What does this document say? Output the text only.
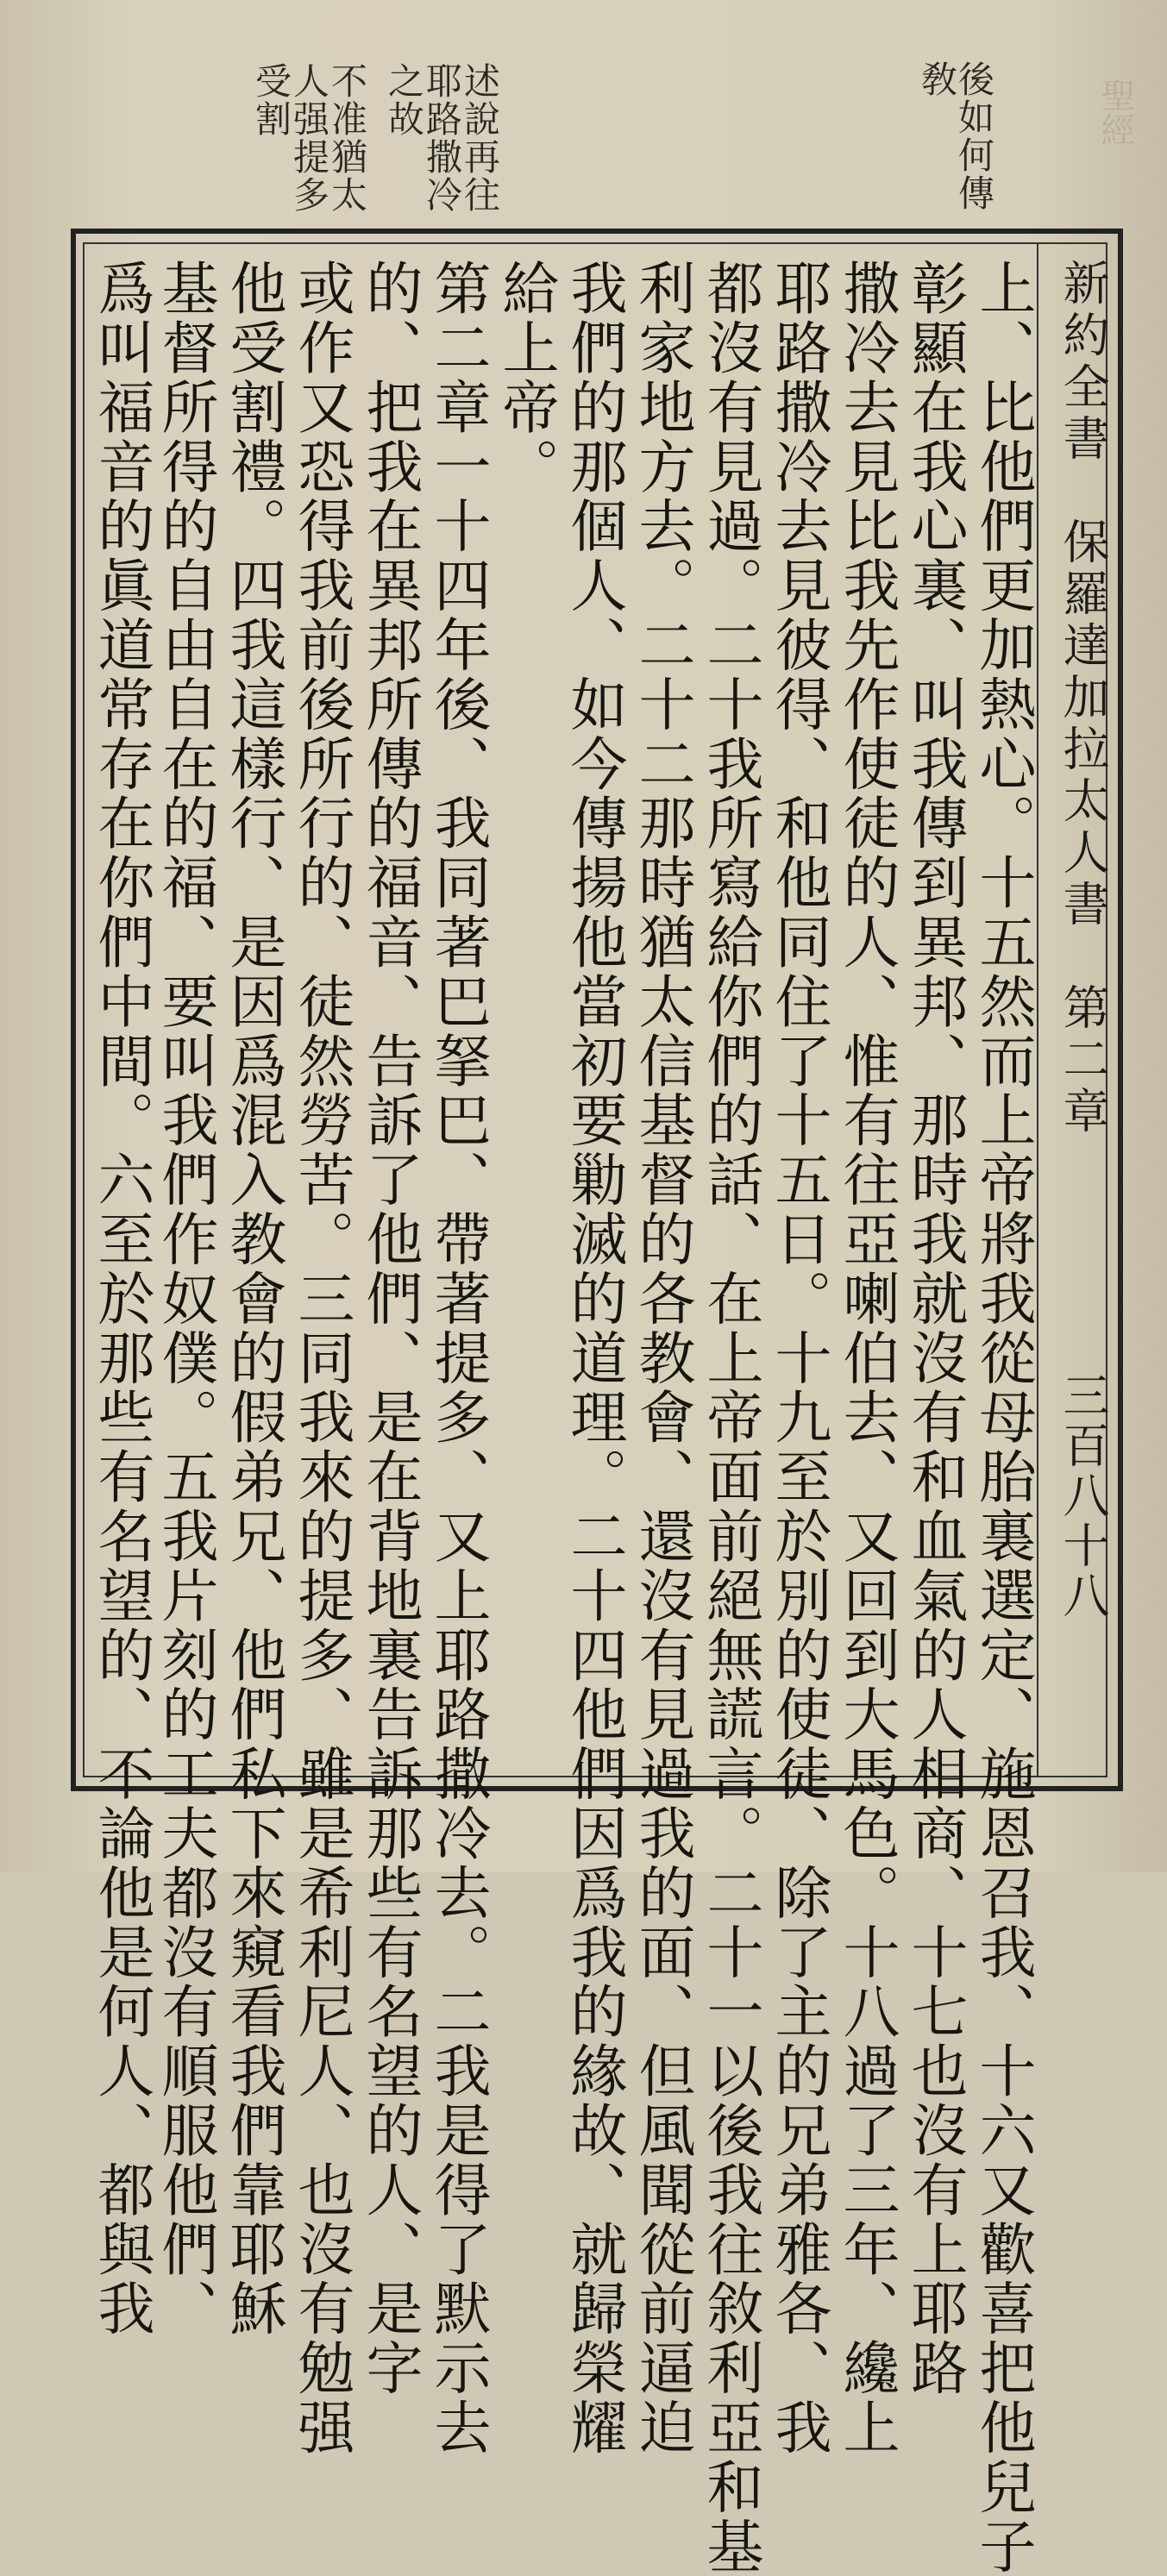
聖經
後如何傳
敎
述說再往
耶路撒冷
之故
不准猶太
人强提多
受割
新約全書　保羅達加拉太人書　第二章
三百八十八
上、比他們更加熱心。十五然而上帝將我從母胎裏選定、施恩召我、十六又歡喜把他兒子
彰顯在我心裏、叫我傳到異邦、那時我就沒有和血氣的人相商、十七也沒有上耶路
撒冷去見比我先作使徒的人、惟有往亞喇伯去、又回到大馬色。十八過了三年、纔上
耶路撒冷去見彼得、和他同住了十五日。十九至於別的使徒、除了主的兄弟雅各、我
都沒有見過。二十我所寫給你們的話、在上帝面前絕無謊言。二十一以後我往敘利亞和基
利家地方去。二十二那時猶太信基督的各教會、還沒有見過我的面、但風聞從前逼迫
我們的那個人、如今傳揚他當初要勦滅的道理。二十四他們因爲我的緣故、就歸榮耀
給上帝。
第二章一十四年後、我同著巴拏巴、帶著提多、又上耶路撒冷去。二我是得了默示去
的、把我在異邦所傳的福音、告訴了他們、是在背地裏告訴那些有名望的人、是字
或作又恐得我前後所行的、徒然勞苦。三同我來的提多、雖是希利尼人、也沒有勉强
他受割禮。四我這樣行、是因爲混入教會的假弟兄、他們私下來窺看我們靠耶穌
基督所得的自由自在的福、要叫我們作奴僕。五我片刻的工夫都沒有順服他們、
爲叫福音的眞道常存在你們中間。六至於那些有名望的、不論他是何人、都與我
